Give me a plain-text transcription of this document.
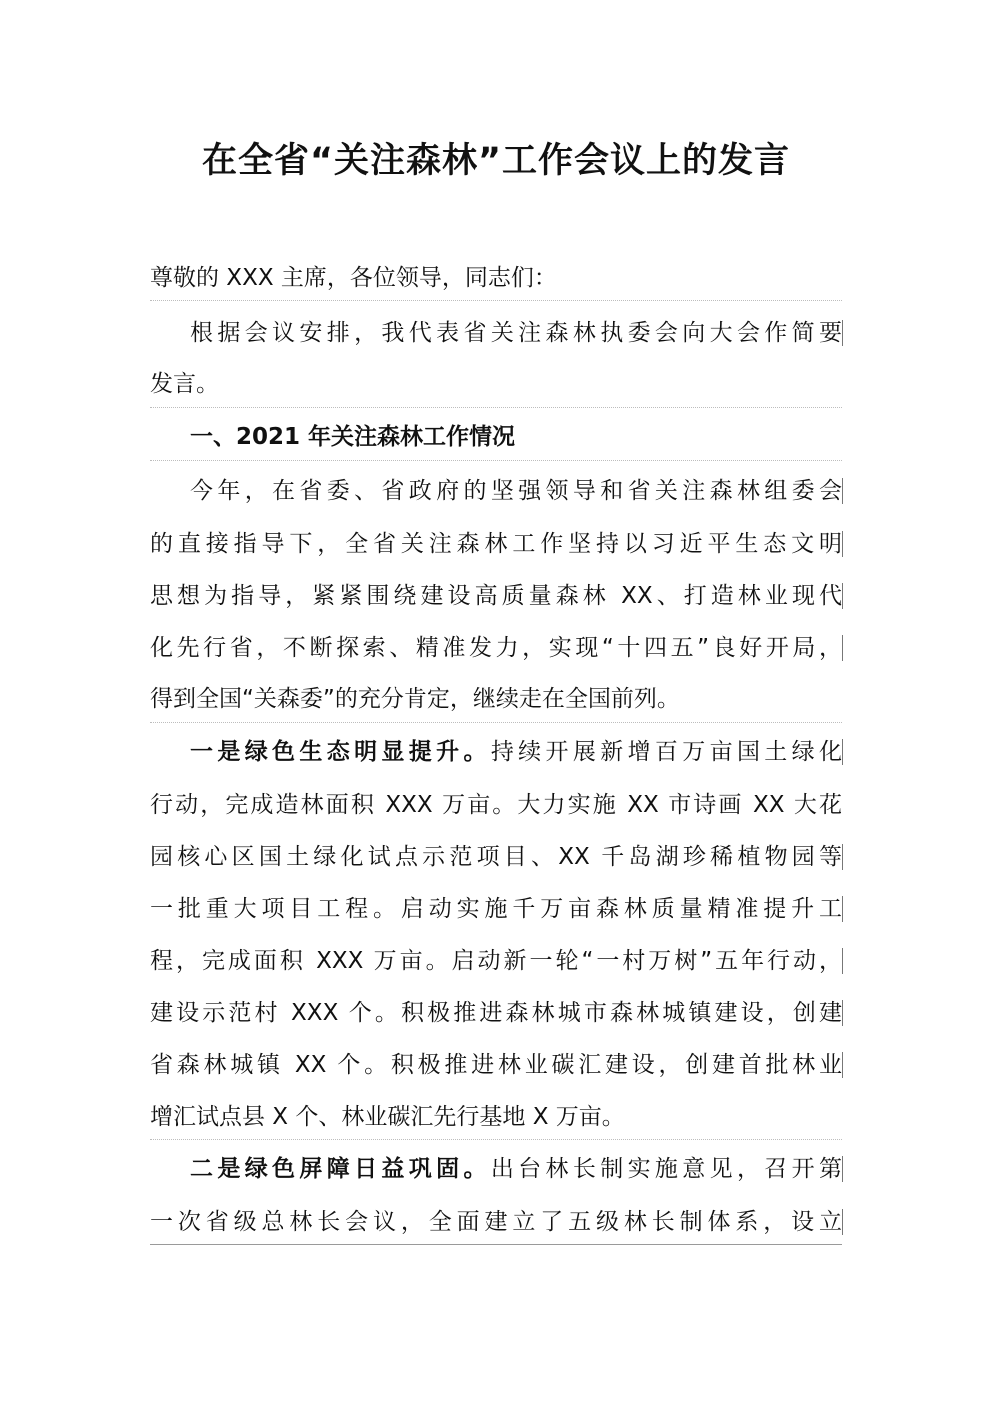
在全省“关注森林”工作会议上的发言
尊敬的 XXX 主席，各位领导，同志们：
根据会议安排，我代表省关注森林执委会向大会作简要
发言。
一、2021 年关注森林工作情况
今年，在省委、省政府的坚强领导和省关注森林组委会
的直接指导下，全省关注森林工作坚持以习近平生态文明
思想为指导，紧紧围绕建设高质量森林 XX、打造林业现代
化先行省，不断探索、精准发力，实现“十四五”良好开局，
得到全国“关森委”的充分肯定，继续走在全国前列。
一是绿色生态明显提升。持续开展新增百万亩国土绿化
行动，完成造林面积 XXX 万亩。大力实施 XX 市诗画 XX 大花
园核心区国土绿化试点示范项目、XX 千岛湖珍稀植物园等
一批重大项目工程。启动实施千万亩森林质量精准提升工
程，完成面积 XXX 万亩。启动新一轮“一村万树”五年行动，
建设示范村 XXX 个。积极推进森林城市森林城镇建设，创建
省森林城镇 XX 个。积极推进林业碳汇建设，创建首批林业
增汇试点县 X 个、林业碳汇先行基地 X 万亩。
二是绿色屏障日益巩固。出台林长制实施意见，召开第
一次省级总林长会议，全面建立了五级林长制体系，设立
